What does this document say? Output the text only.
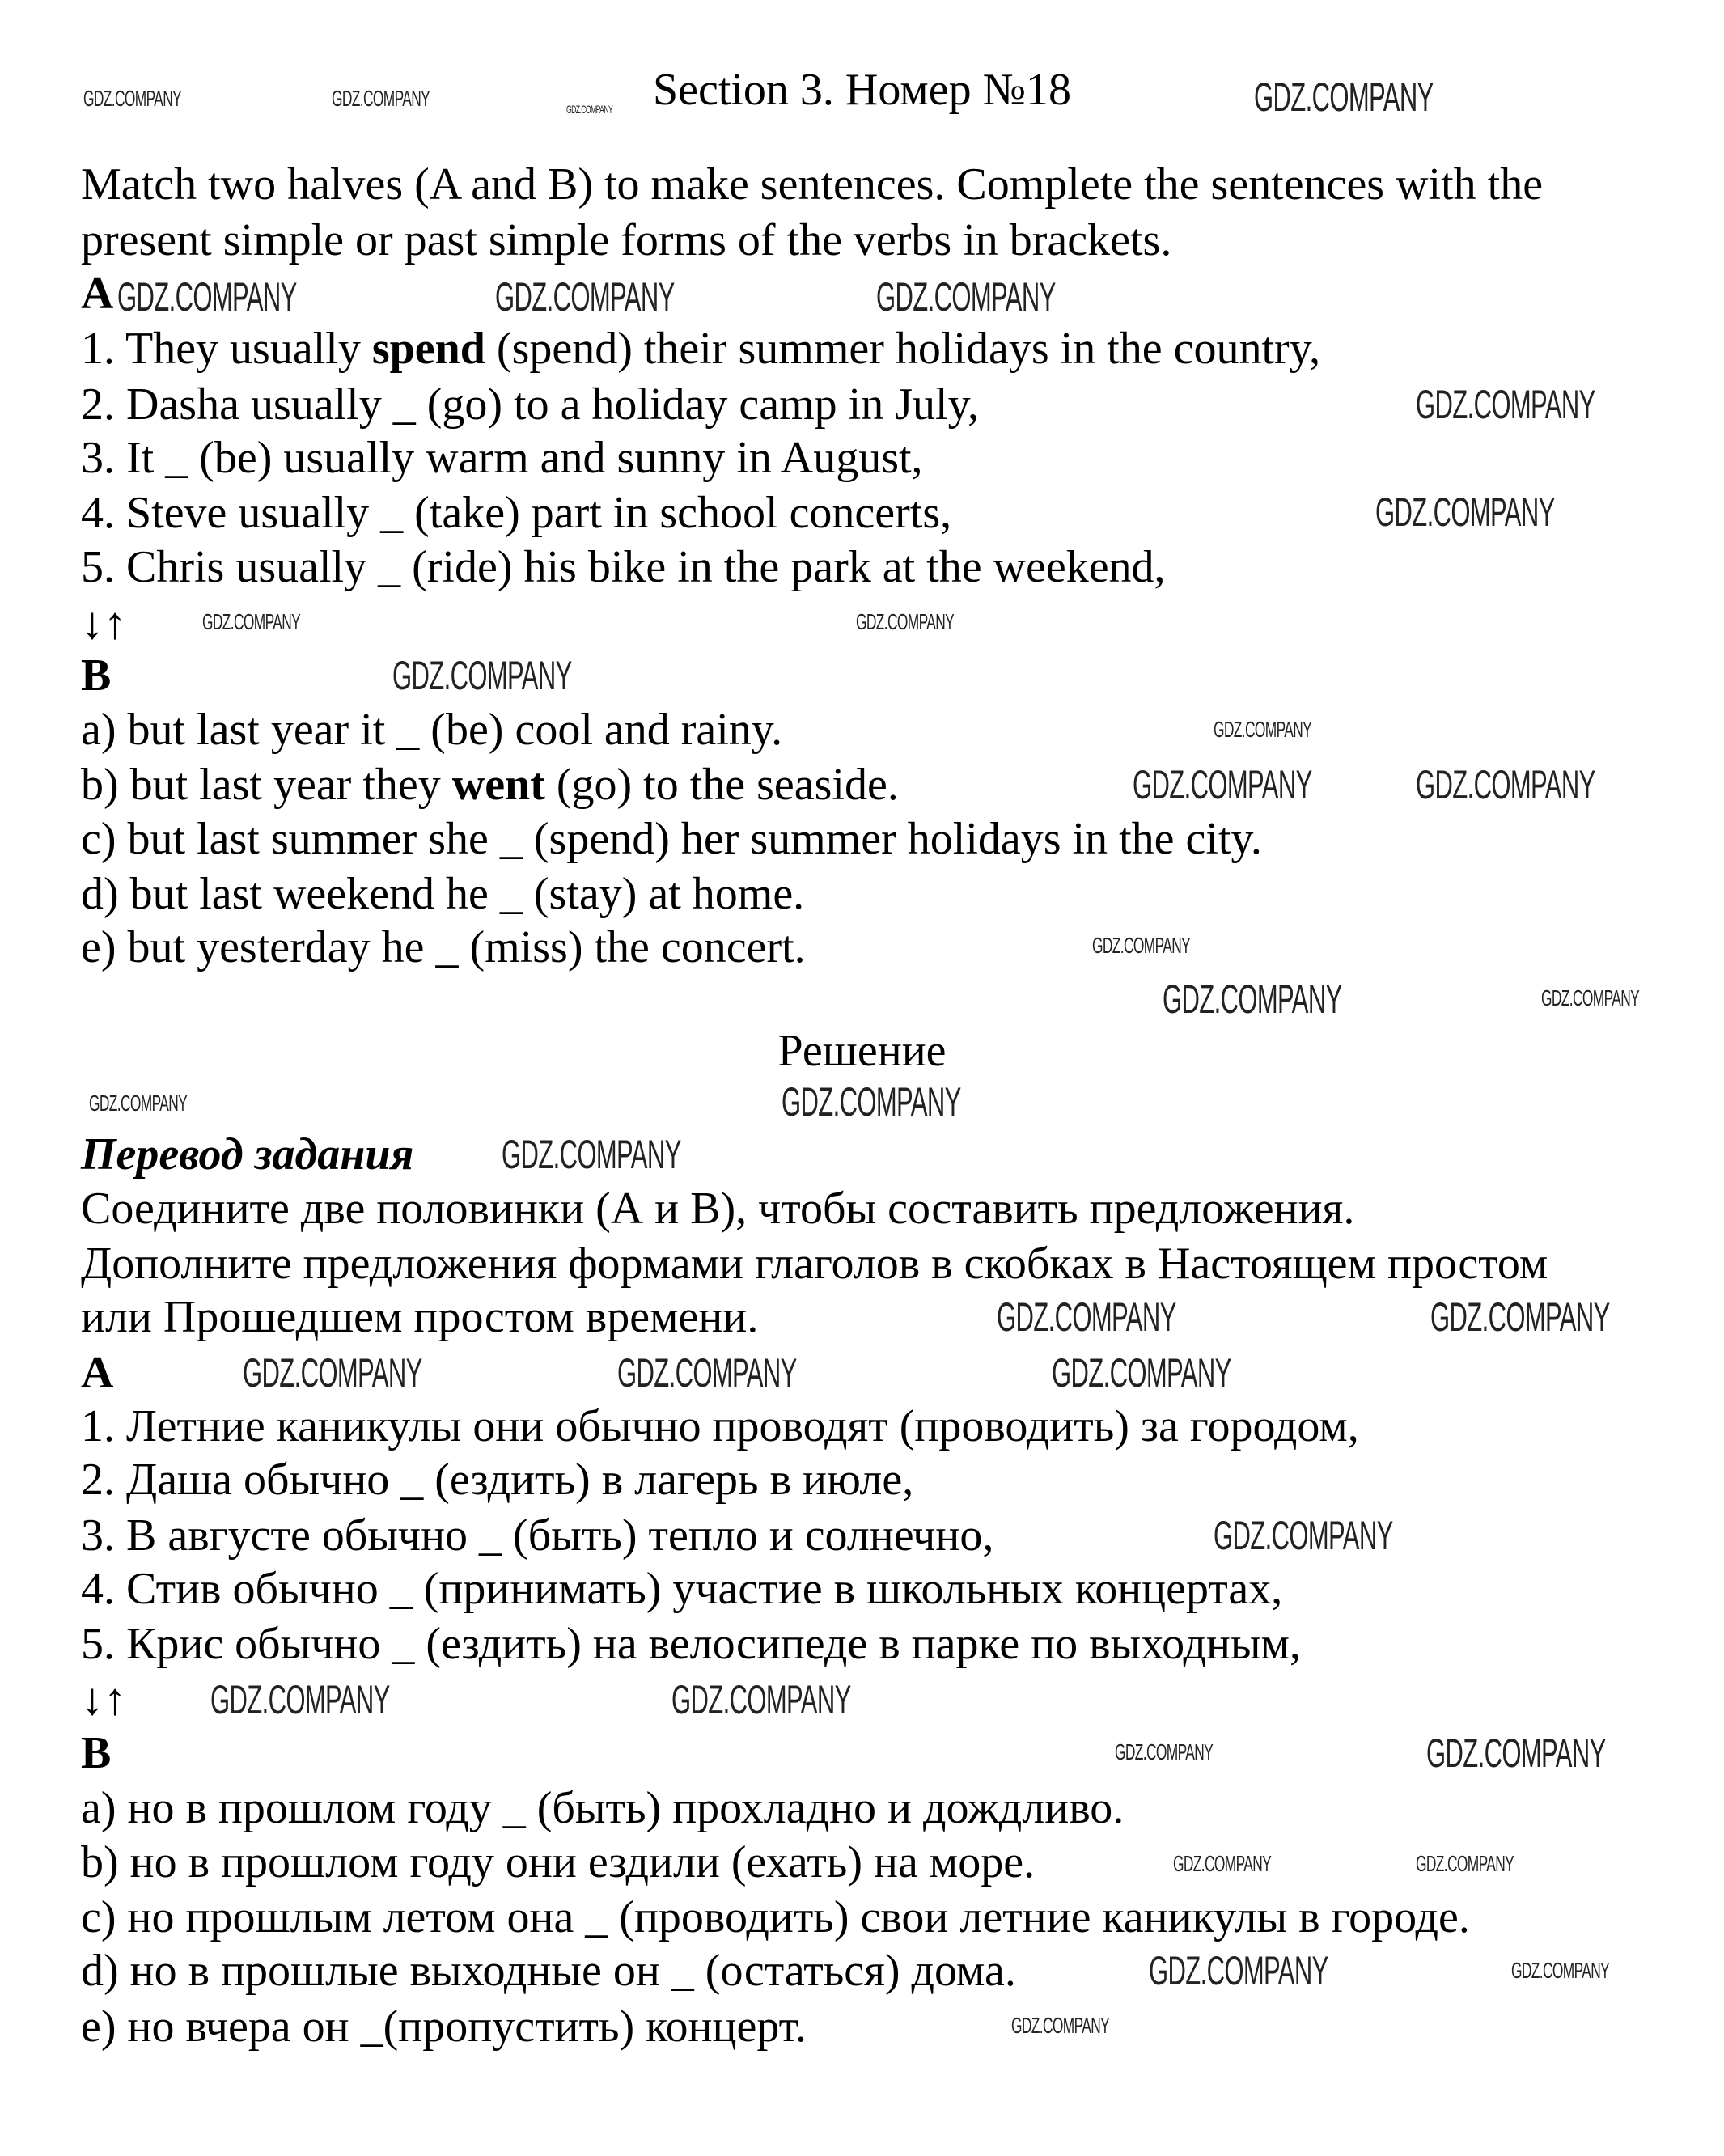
Section 3. Номер №18
Match two halves (A and B) to make sentences. Complete the sentences with the
present simple or past simple forms of the verbs in brackets.
A
1. They usually spend (spend) their summer holidays in the country,
2. Dasha usually _ (go) to a holiday camp in July,
3. It _ (be) usually warm and sunny in August,
4. Steve usually _ (take) part in school concerts,
5. Chris usually _ (ride) his bike in the park at the weekend,
↓↑
B
a) but last year it _ (be) cool and rainy.
b) but last year they went (go) to the seaside.
c) but last summer she _ (spend) her summer holidays in the city.
d) but last weekend he _ (stay) at home.
e) but yesterday he _ (miss) the concert.
Решение
Перевод задания
Соедините две половинки (А и В), чтобы составить предложения.
Дополните предложения формами глаголов в скобках в Настоящем простом
или Прошедшем простом времени.
A
1. Летние каникулы они обычно проводят (проводить) за городом,
2. Даша обычно _ (ездить) в лагерь в июле,
3. В августе обычно _ (быть) тепло и солнечно,
4. Стив обычно _ (принимать) участие в школьных концертах,
5. Крис обычно _ (ездить) на велосипеде в парке по выходным,
↓↑
B
a) но в прошлом году _ (быть) прохладно и дождливо.
b) но в прошлом году они ездили (ехать) на море.
c) но прошлым летом она _ (проводить) свои летние каникулы в городе.
d) но в прошлые выходные он _ (остаться) дома.
e) но вчера он _(пропустить) концерт.
GDZ.COMPANY	GDZ.COMPANY	GDZ.COMPANY	GDZ.COMPANY
GDZ.COMPANY	GDZ.COMPANY	GDZ.COMPANY
GDZ.COMPANY
GDZ.COMPANY
GDZ.COMPANY	GDZ.COMPANY
GDZ.COMPANY
GDZ.COMPANY
GDZ.COMPANY	GDZ.COMPANY
GDZ.COMPANY
GDZ.COMPANY	GDZ.COMPANY
GDZ.COMPANY
GDZ.COMPANY
GDZ.COMPANY
GDZ.COMPANY	GDZ.COMPANY
GDZ.COMPANY	GDZ.COMPANY	GDZ.COMPANY
GDZ.COMPANY
GDZ.COMPANY	GDZ.COMPANY
GDZ.COMPANY	GDZ.COMPANY
GDZ.COMPANY	GDZ.COMPANY
GDZ.COMPANY	GDZ.COMPANY
GDZ.COMPANY
